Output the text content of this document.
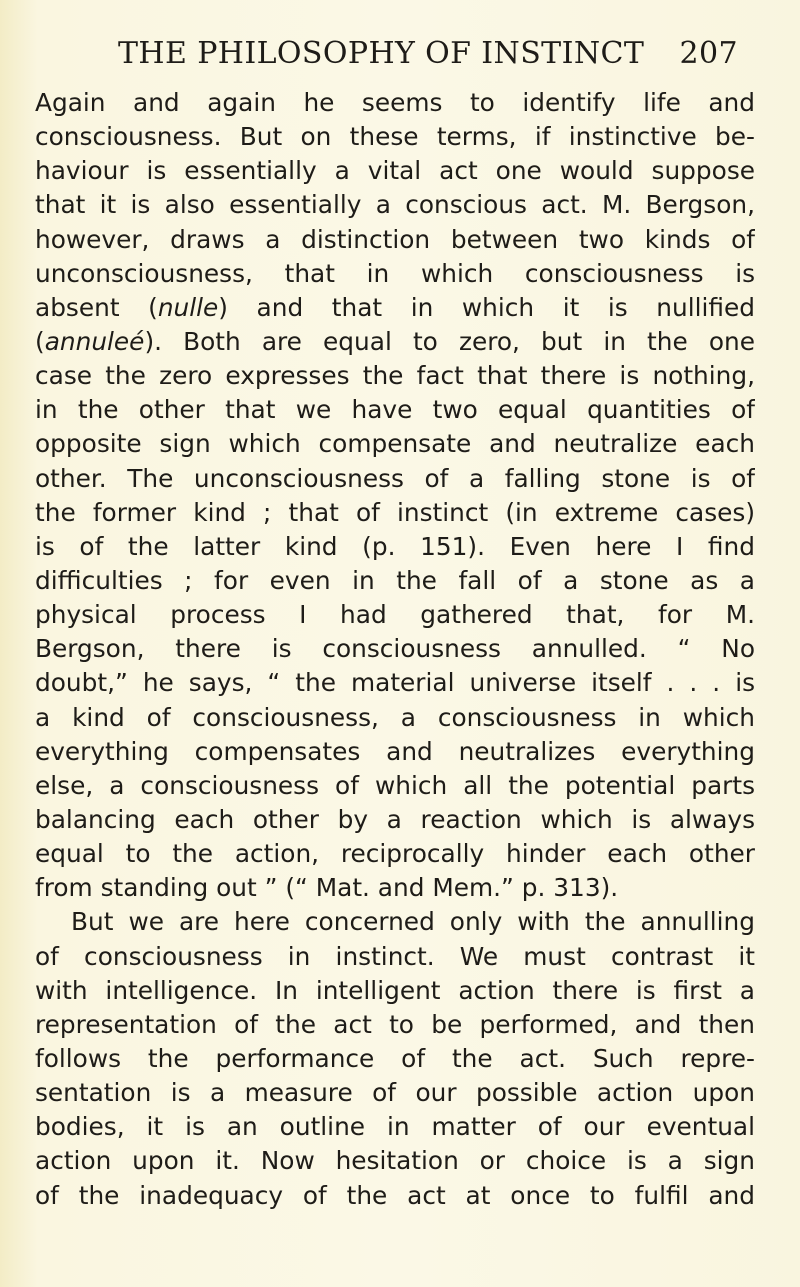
THE PHILOSOPHY OF INSTINCT 207
Again and again he seems to identify life and
consciousness. But on these terms, if instinctive be-
haviour is essentially a vital act one would suppose
that it is also essentially a conscious act. M. Bergson,
however, draws a distinction between two kinds of
unconsciousness, that in which consciousness is
absent (nulle) and that in which it is nullified
(annuleé). Both are equal to zero, but in the one
case the zero expresses the fact that there is nothing,
in the other that we have two equal quantities of
opposite sign which compensate and neutralize each
other. The unconsciousness of a falling stone is of
the former kind ; that of instinct (in extreme cases)
is of the latter kind (p. 151). Even here I find
difficulties ; for even in the fall of a stone as a
physical process I had gathered that, for M.
Bergson, there is consciousness annulled. “ No
doubt,” he says, “ the material universe itself . . . is
a kind of consciousness, a consciousness in which
everything compensates and neutralizes everything
else, a consciousness of which all the potential parts
balancing each other by a reaction which is always
equal to the action, reciprocally hinder each other
from standing out ” (“ Mat. and Mem.” p. 313).
But we are here concerned only with the annulling
of consciousness in instinct. We must contrast it
with intelligence. In intelligent action there is first a
representation of the act to be performed, and then
follows the performance of the act. Such repre-
sentation is a measure of our possible action upon
bodies, it is an outline in matter of our eventual
action upon it. Now hesitation or choice is a sign
of the inadequacy of the act at once to fulfil and
